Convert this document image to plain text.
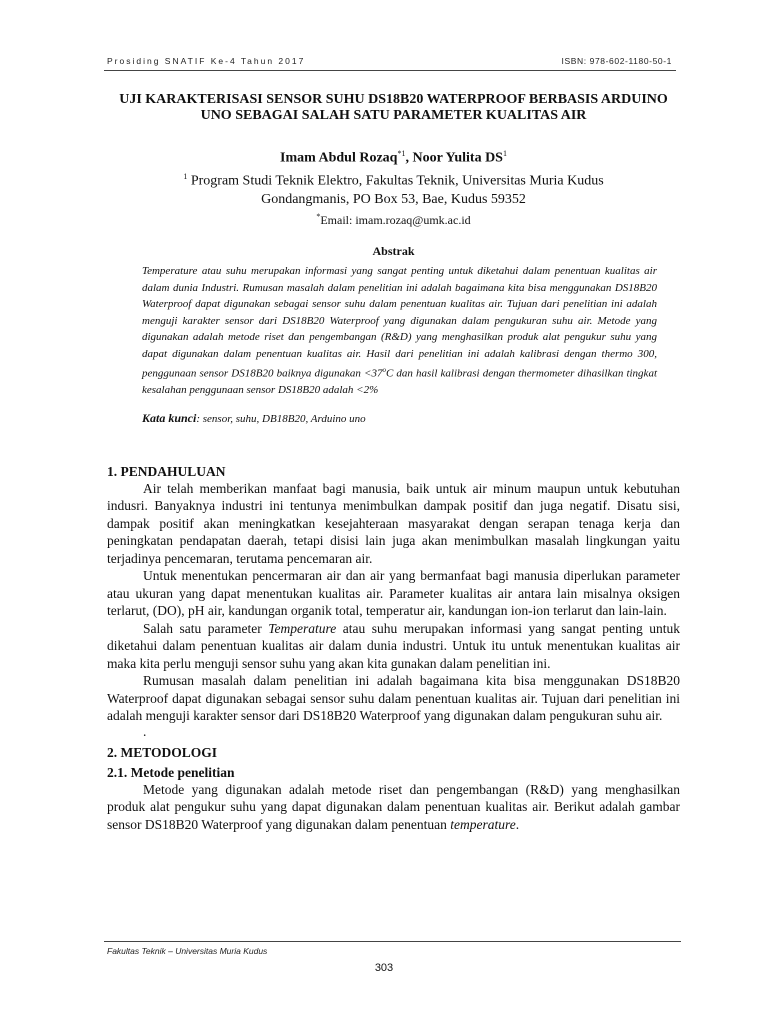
Prosiding SNATIF Ke-4 Tahun 2017	ISBN: 978-602-1180-50-1

UJI KARAKTERISASI SENSOR SUHU DS18B20 WATERPROOF BERBASIS ARDUINO
UNO SEBAGAI SALAH SATU PARAMETER KUALITAS AIR

Imam Abdul Rozaq$^{*1}$, Noor Yulita $DS^1$
$^1$ Program Studi Teknik Elektro, Fakultas Teknik, Universitas Muria Kudus
Gondangmanis, PO Box 53, Bae, Kudus 59352
*Email: imam.rozaq@umk.ac.id
Abstrak

Temperature atau suhu merupakan informasi yang sangat penting untuk diketahui dalam penentuan kualitas air dalam dunia Industri. Rumusan masalah dalam penelitian ini adalah bagaimana kita bisa menggunakan DS18B20 Waterproof dapat digunakan sebagai sensor suhu dalam penentuan kualitas air. Tujuan dari penelitian ini adalah menguji karakter sensor dari DS18B20 Waterproof yang digunakan dalam pengukuran suhu air. Metode yang digunakan adalah metode riset dan pengembangan (R&D) yang menghasilkan produk alat pengukur suhu yang dapat digunakan dalam penentuan kualitas air. Hasil dari penelitian ini adalah kalibrasi dengan thermo 300, penggunaan sensor DS18B20 baiknya digunakan $<37^oC$ dan hasil kalibrasi dengan thermometer dihasilkan tingkat kesalahan penggunaan sensor DS18B20 adalah <2%

Kata kunci: sensor, suhu, DB18B20, Arduino uno

1. PENDAHULUAN

Air telah memberikan manfaat bagi manusia, baik untuk air minum maupun untuk kebutuhan indusri. Banyaknya industri ini tentunya menimbulkan dampak positif dan juga negatif. Disatu sisi, dampak positif akan meningkatkan kesejahteraan masyarakat dengan serapan tenaga kerja dan peningkatan pendapatan daerah, tetapi disisi lain juga akan menimbulkan masalah lingkungan yaitu terjadinya pencemaran, terutama pencemaran air.

Untuk menentukan pencermaran air dan air yang bermanfaat bagi manusia diperlukan parameter atau ukuran yang dapat menentukan kualitas air. Parameter kualitas air antara lain misalnya oksigen terlarut, (DO), pH air, kandungan organik total, temperatur air, kandungan ion-ion terlarut dan lain-lain.

Salah satu parameter Temperature atau suhu merupakan informasi yang sangat penting untuk diketahui dalam penentuan kualitas air dalam dunia industri. Untuk itu untuk menentukan kualitas air maka kita perlu menguji sensor suhu yang akan kita gunakan dalam penelitian ini.

Rumusan masalah dalam penelitian ini adalah bagaimana kita bisa menggunakan DS18B20 Waterproof dapat digunakan sebagai sensor suhu dalam penentuan kualitas air. Tujuan dari penelitian ini adalah menguji karakter sensor dari DS18B20 Waterproof yang digunakan dalam pengukuran suhu air.

.

2. METODOLOGI

2.1. Metode penelitian

Metode yang digunakan adalah metode riset dan pengembangan (R&D) yang menghasilkan produk alat pengukur suhu yang dapat digunakan dalam penentuan kualitas air. Berikut adalah gambar sensor DS18B20 Waterproof yang digunakan dalam penentuan temperature.

Fakultas Teknik – Universitas Muria Kudus
303
